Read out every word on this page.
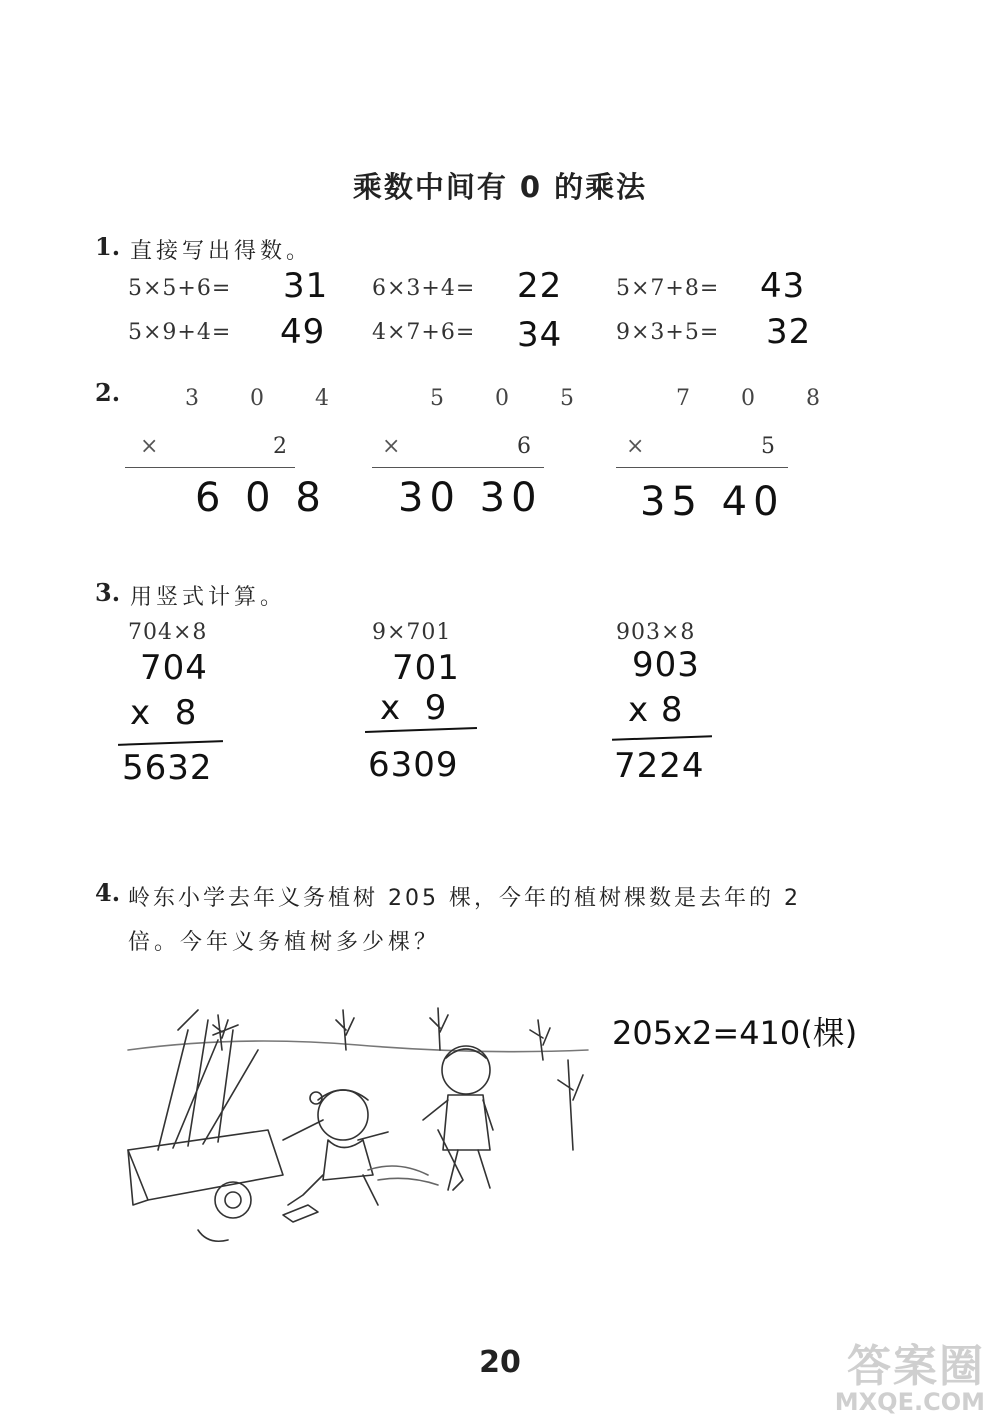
乘数中间有 0 的乘法
1. 直接写出得数。
5×5+6= 31 6×3+4= 22 5×7+8= 43
5×9+4= 49 4×7+6= 34 9×3+5= 32
2.	3 0 4
×	2
6 0 8
5 0 5
×	6
30 30
7 0 8
×	5
35 40
3. 用竖式计算。
704×8
704
x  8
5632
9×701
701
x  9
6309
903×8
903
x 8
7224
4. 岭东小学去年义务植树 205 棵，今年的植树棵数是去年的 2
倍。今年义务植树多少棵？
205x2=410(棵)
20	答案圈
MXQE.COM
